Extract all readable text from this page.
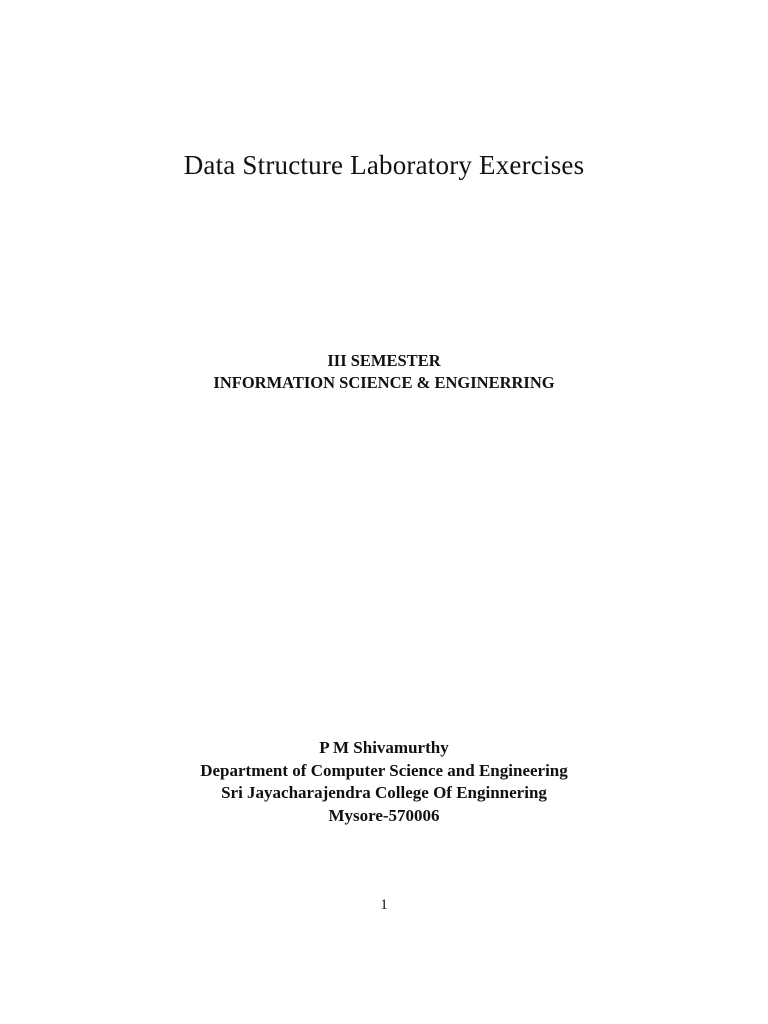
Data Structure Laboratory Exercises
III SEMESTER
INFORMATION SCIENCE & ENGINERRING
P M Shivamurthy
Department of Computer Science and Engineering
Sri Jayacharajendra College Of Enginnering
Mysore-570006
1
